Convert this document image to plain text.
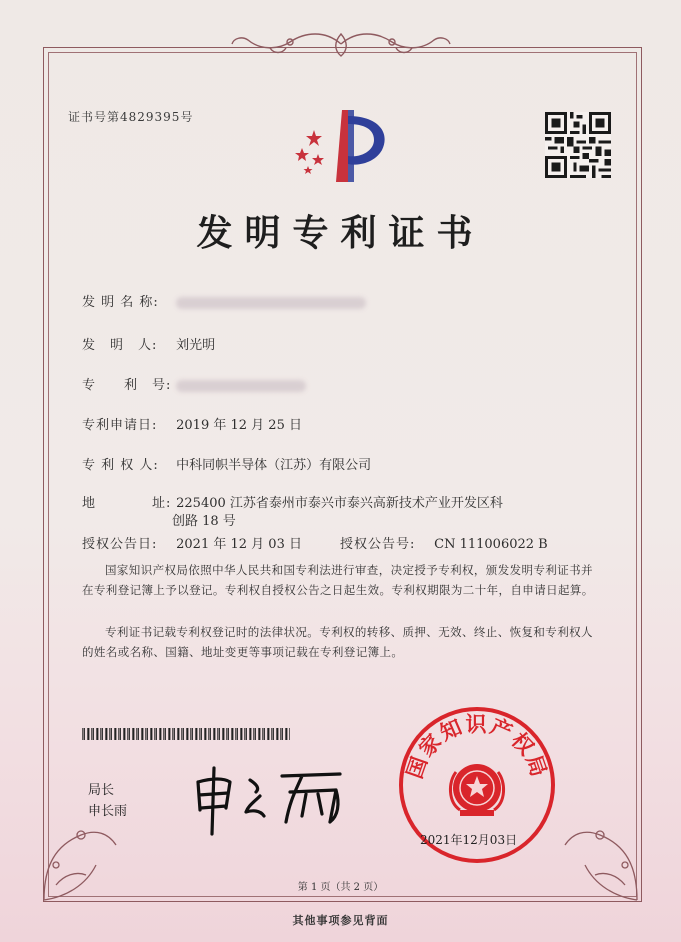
证书号第4829395号
发明专利证书
发 明 名 称:
发　明　人: 刘光明
专　　利　号:
专利申请日: 2019 年 12 月 25 日
专 利 权 人: 中科同帜半导体（江苏）有限公司
地　　　　址: 225400 江苏省泰州市泰兴市泰兴高新技术产业开发区科
创路 18 号
授权公告日: 2021 年 12 月 03 日	授权公告号: CN 111006022 B
国家知识产权局依照中华人民共和国专利法进行审查，决定授予专利权，颁发发明专利证书并在专利登记簿上予以登记。专利权自授权公告之日起生效。专利权期限为二十年，自申请日起算。
专利证书记载专利权登记时的法律状况。专利权的转移、质押、无效、终止、恢复和专利权人的姓名或名称、国籍、地址变更等事项记载在专利登记簿上。
局长
申长雨
国家知识产权局
2021年12月03日
第 1 页（共 2 页）
其他事项参见背面
